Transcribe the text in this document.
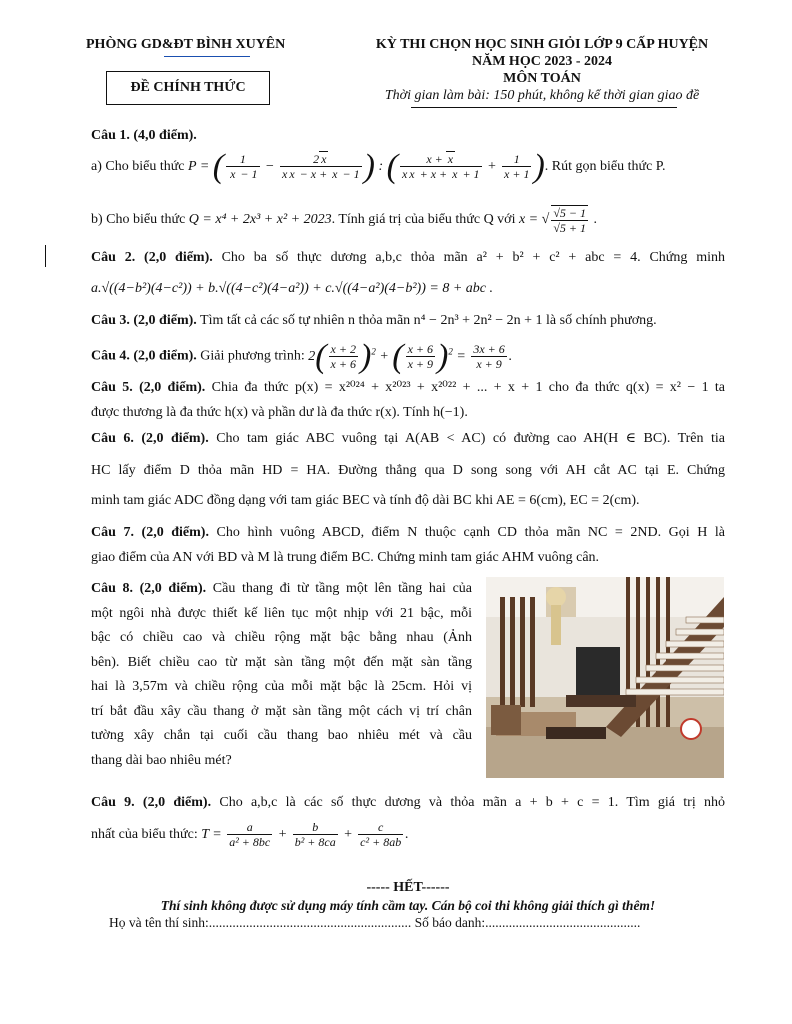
PHÒNG GD&ĐT BÌNH XUYÊN	KỲ THI CHỌN HỌC SINH GIỎI LỚP 9 CẤP HUYỆN
NĂM HỌC 2023 - 2024
MÔN TOÁN
Thời gian làm bài: 150 phút, không kể thời gian giao đề
ĐỀ CHÍNH THỨC
Câu 1. (4,0 điểm).
a) Cho biểu thức P = ( $\frac{1}{x - 1} - \frac{2 x}{\text{x x − x + x − 1}}$ ) : ( $\frac{x + x}{\text{x x + x + x + 1}} + \frac{1}{x + 1}$ ). Rút gọn biểu thức P.
b) Cho biểu thức Q = x⁴ + 2x³ + x² + 2023. Tính giá trị của biểu thức Q với x = √ $\frac{√5 - 1}{√5 + 1}$ .
Câu 2. (2,0 điểm). Cho ba số thực dương a,b,c thỏa mãn a² + b² + c² + abc = 4. Chứng minh
a.√((4−b²)(4−c²)) + b.√((4−c²)(4−a²)) + c.√((4−a²)(4−b²)) = 8 + abc .
Câu 3. (2,0 điểm). Tìm tất cả các số tự nhiên n thỏa mãn n⁴ − 2n³ + 2n² − 2n + 1 là số chính phương.
Câu 4. (2,0 điểm). Giải phương trình: $2( \frac{x + 2}{x + 6} )^2$ + ( $\frac{x + 6}{x + 9} )^2 = \frac{3x + 6}{x + 9}$ .
Câu 5. (2,0 điểm). Chia đa thức p(x) = x²⁰²⁴ + x²⁰²³ + x²⁰²² + ... + x + 1 cho đa thức q(x) = x² − 1 ta
được thương là đa thức h(x) và phần dư là đa thức r(x). Tính h(−1).
Câu 6. (2,0 điểm). Cho tam giác ABC vuông tại A(AB < AC) có đường cao AH(H ∈ BC). Trên tia
HC lấy điểm D thỏa mãn HD = HA. Đường thẳng qua D song song với AH cắt AC tại E. Chứng
minh tam giác ADC đồng dạng với tam giác BEC và tính độ dài BC khi AE = 6(cm), EC = 2(cm).
Câu 7. (2,0 điểm). Cho hình vuông ABCD, điểm N thuộc cạnh CD thỏa mãn NC = 2ND. Gọi H là
giao điểm của AN với BD và M là trung điểm BC. Chứng minh tam giác AHM vuông cân.
Câu 8. (2,0 điểm). Cầu thang đi từ tầng một lên tầng hai của
một ngôi nhà được thiết kế liên tục một nhịp với 21 bậc, mỗi
bậc có chiều cao và chiều rộng mặt bậc bằng nhau (Ảnh
bên). Biết chiều cao từ mặt sàn tầng một đến mặt sàn tầng
hai là 3,57m và chiều rộng của mỗi mặt bậc là 25cm. Hỏi vị
trí bắt đầu xây cầu thang ở mặt sàn tầng một cách vị trí chân
tường xây chắn tại cuối cầu thang bao nhiêu mét và cầu
thang dài bao nhiêu mét?
Câu 9. (2,0 điểm). Cho a,b,c là các số thực dương và thỏa mãn a + b + c = 1. Tìm giá trị nhỏ
nhất của biểu thức: $T = \frac{a}{\text{a² + 8bc}} + \frac{b}{\text{b² + 8ca}} + \frac{c}{\text{c² + 8ab}}$ .
----- HẾT------
Thí sinh không được sử dụng máy tính cầm tay. Cán bộ coi thi không giải thích gì thêm!
Họ và tên thí sinh:............................................................ Số báo danh:..............................................
